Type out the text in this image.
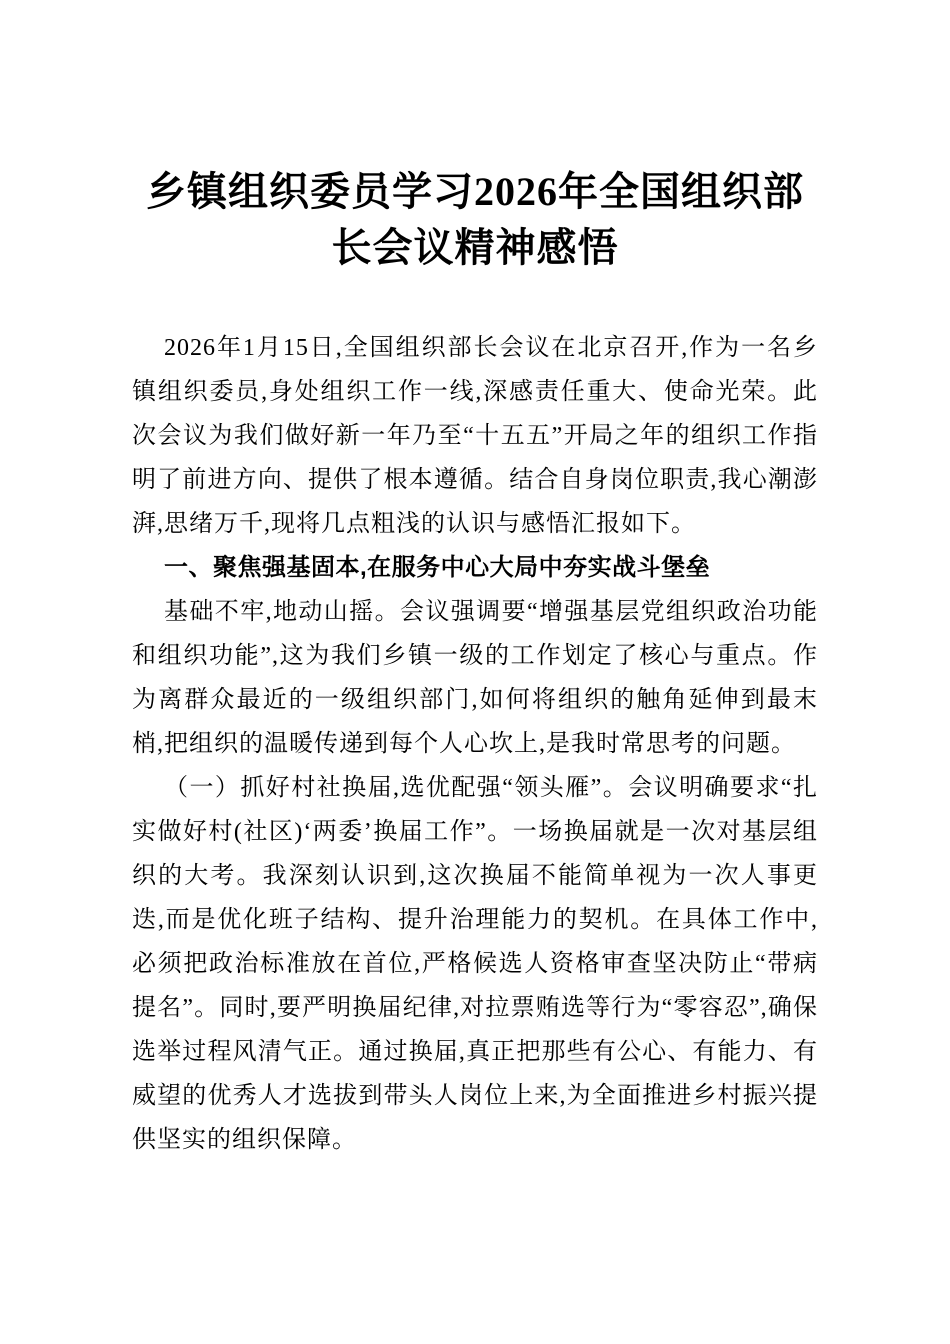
乡镇组织委员学习2026年全国组织部长会议精神感悟

2026年1月15日,全国组织部长会议在北京召开,作为一名乡镇组织委员,身处组织工作一线,深感责任重大、使命光荣。此次会议为我们做好新一年乃至“十五五”开局之年的组织工作指明了前进方向、提供了根本遵循。结合自身岗位职责,我心潮澎湃,思绪万千,现将几点粗浅的认识与感悟汇报如下。

一、聚焦强基固本,在服务中心大局中夯实战斗堡垒

基础不牢,地动山摇。会议强调要“增强基层党组织政治功能和组织功能”,这为我们乡镇一级的工作划定了核心与重点。作为离群众最近的一级组织部门,如何将组织的触角延伸到最末梢,把组织的温暖传递到每个人心坎上,是我时常思考的问题。

（一）抓好村社换届,选优配强“领头雁”。会议明确要求“扎实做好村(社区)‘两委’换届工作”。一场换届就是一次对基层组织的大考。我深刻认识到,这次换届不能简单视为一次人事更迭,而是优化班子结构、提升治理能力的契机。在具体工作中,必须把政治标准放在首位,严格候选人资格审查坚决防止“带病提名”。同时,要严明换届纪律,对拉票贿选等行为“零容忍”,确保选举过程风清气正。通过换届,真正把那些有公心、有能力、有威望的优秀人才选拔到带头人岗位上来,为全面推进乡村振兴提供坚实的组织保障。
